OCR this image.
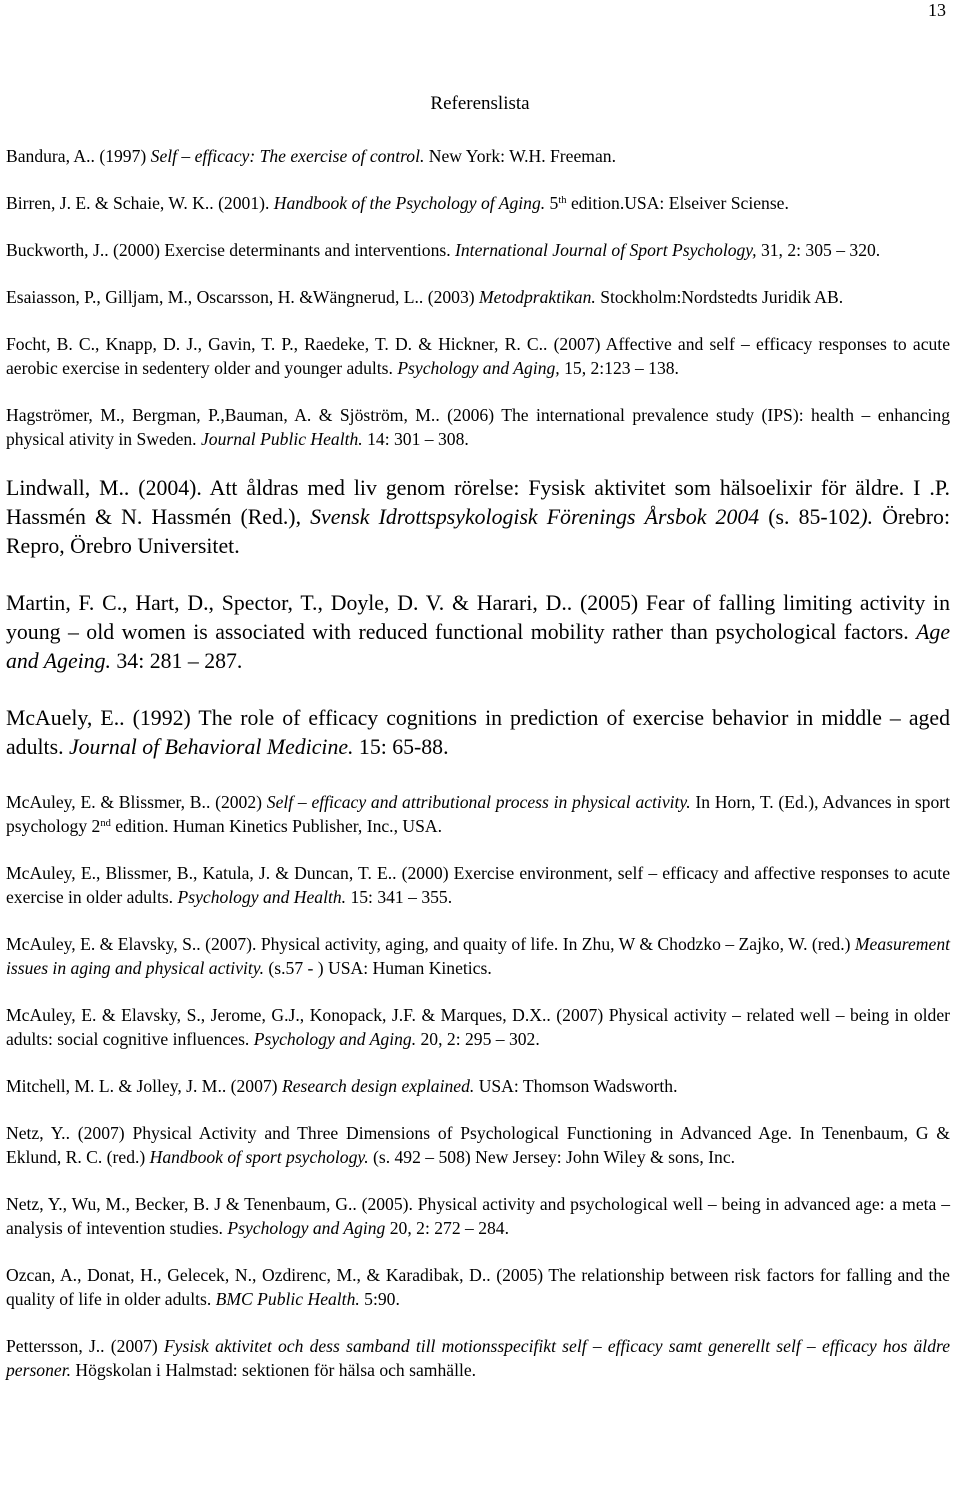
13
Referenslista
Bandura, A.. (1997) Self – efficacy: The exercise of control. New York: W.H. Freeman.
Birren, J. E. & Schaie, W. K.. (2001). Handbook of the Psychology of Aging. 5th edition.USA: Elseiver Sciense.
Buckworth, J.. (2000) Exercise determinants and interventions. International Journal of Sport Psychology, 31, 2: 305 – 320.
Esaiasson, P., Gilljam, M., Oscarsson, H. &Wängnerud, L.. (2003) Metodpraktikan. Stockholm:Nordstedts Juridik AB.
Focht, B. C., Knapp, D. J., Gavin, T. P., Raedeke, T. D. & Hickner, R. C.. (2007) Affective and self – efficacy responses to acute aerobic exercise in sedentery older and younger adults. Psychology and Aging, 15, 2:123 – 138.
Hagströmer, M., Bergman, P.,Bauman, A. & Sjöström, M.. (2006) The international prevalence study (IPS): health – enhancing physical ativity in Sweden. Journal Public Health. 14: 301 – 308.
Lindwall, M.. (2004). Att åldras med liv genom rörelse: Fysisk aktivitet som hälsoelixir för äldre. I .P. Hassmén & N. Hassmén (Red.), Svensk Idrottspsykologisk Förenings Årsbok 2004 (s. 85-102). Örebro: Repro, Örebro Universitet.
Martin, F. C., Hart, D., Spector, T., Doyle, D. V. & Harari, D.. (2005) Fear of falling limiting activity in young – old women is associated with reduced functional mobility rather than psychological factors. Age and Ageing. 34: 281 – 287.
McAuely, E.. (1992) The role of efficacy cognitions in prediction of exercise behavior in middle – aged adults. Journal of Behavioral Medicine. 15: 65-88.
McAuley, E. & Blissmer, B.. (2002) Self – efficacy and attributional process in physical activity. In Horn, T. (Ed.), Advances in sport psychology 2nd edition. Human Kinetics Publisher, Inc., USA.
McAuley, E., Blissmer, B., Katula, J. & Duncan, T. E.. (2000) Exercise environment, self – efficacy and affective responses to acute exercise in older adults. Psychology and Health. 15: 341 – 355.
McAuley, E. & Elavsky, S.. (2007). Physical activity, aging, and quaity of life. In Zhu, W & Chodzko – Zajko, W. (red.) Measurement issues in aging and physical activity. (s.57 - ) USA: Human Kinetics.
McAuley, E. & Elavsky, S., Jerome, G.J., Konopack, J.F. & Marques, D.X.. (2007) Physical activity – related well – being in older adults: social cognitive influences. Psychology and Aging. 20, 2: 295 – 302.
Mitchell, M. L. & Jolley, J. M.. (2007) Research design explained. USA: Thomson Wadsworth.
Netz, Y.. (2007) Physical Activity and Three Dimensions of Psychological Functioning in Advanced Age. In Tenenbaum, G & Eklund, R. C. (red.) Handbook of sport psychology. (s. 492 – 508) New Jersey: John Wiley & sons, Inc.
Netz, Y., Wu, M., Becker, B. J & Tenenbaum, G.. (2005). Physical activity and psychological well – being in advanced age: a meta – analysis of intevention studies. Psychology and Aging 20, 2: 272 – 284.
Ozcan, A., Donat, H., Gelecek, N., Ozdirenc, M., & Karadibak, D.. (2005) The relationship between risk factors for falling and the quality of life in older adults. BMC Public Health. 5:90.
Pettersson, J.. (2007) Fysisk aktivitet och dess samband till motionsspecifikt self – efficacy samt generellt self – efficacy hos äldre personer. Högskolan i Halmstad: sektionen för hälsa och samhälle.
